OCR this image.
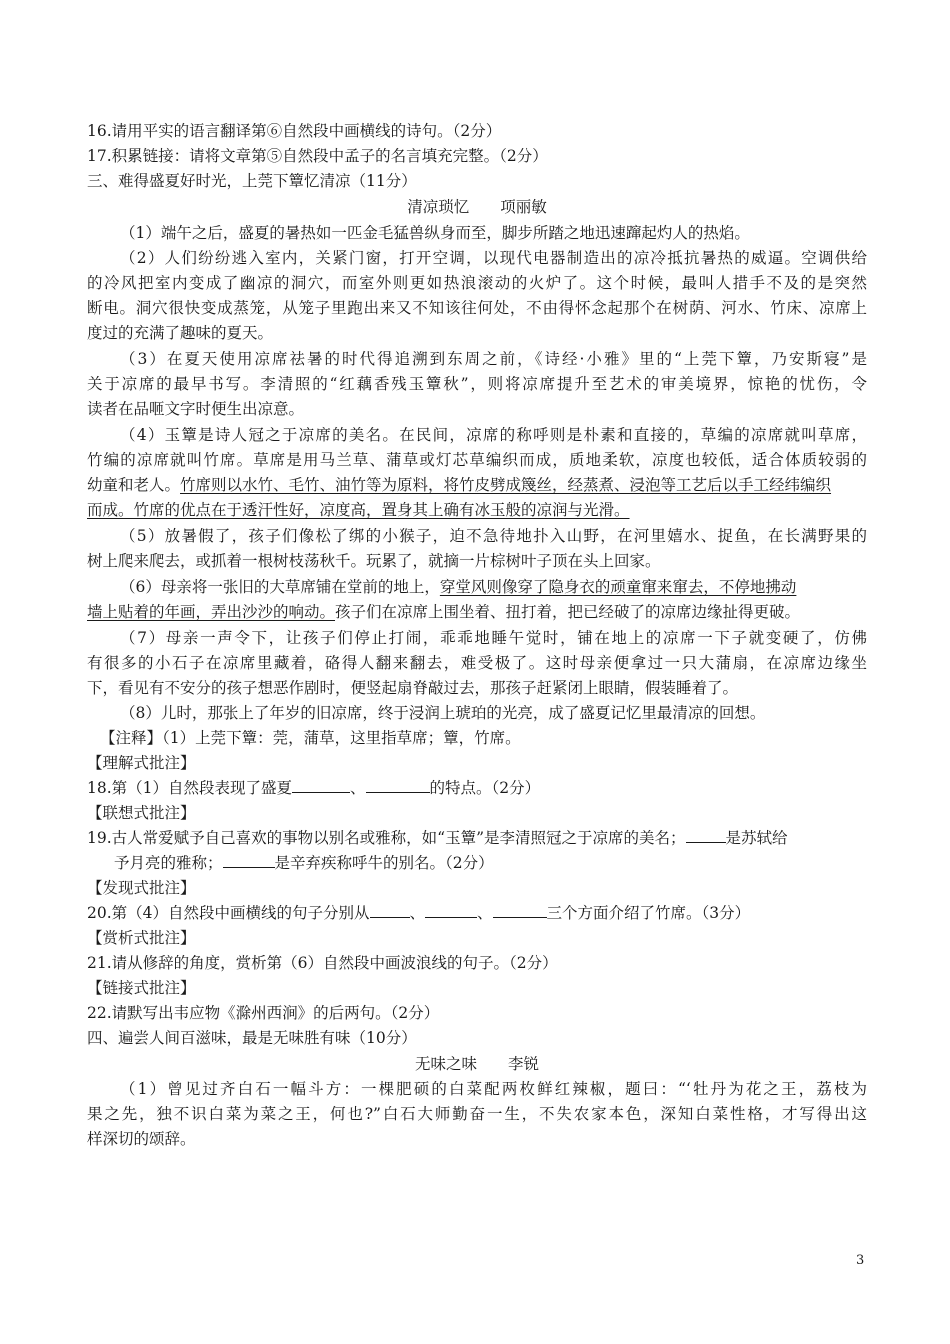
16.请用平实的语言翻译第⑥自然段中画横线的诗句。（2分）
17.积累链接：请将文章第⑤自然段中孟子的名言填充完整。（2分）
三、难得盛夏好时光，上莞下簟忆清凉（11分）
清凉琐忆　　项丽敏
（1）端午之后，盛夏的暑热如一匹金毛猛兽纵身而至，脚步所踏之地迅速蹿起灼人的热焰。
（2）人们纷纷逃入室内，关紧门窗，打开空调，以现代电器制造出的凉冷抵抗暑热的威逼。空调供给
的冷风把室内变成了幽凉的洞穴，而室外则更如热浪滚动的火炉了。这个时候，最叫人措手不及的是突然
断电。洞穴很快变成蒸笼，从笼子里跑出来又不知该往何处，不由得怀念起那个在树荫、河水、竹床、凉席上
度过的充满了趣味的夏天。
（3）在夏天使用凉席祛暑的时代得追溯到东周之前，《诗经·小雅》里的“上莞下簟，乃安斯寝”是
关于凉席的最早书写。李清照的“红藕香残玉簟秋”，则将凉席提升至艺术的审美境界，惊艳的忧伤，令
读者在品咂文字时便生出凉意。
（4）玉簟是诗人冠之于凉席的美名。在民间，凉席的称呼则是朴素和直接的，草编的凉席就叫草席，
竹编的凉席就叫竹席。草席是用马兰草、蒲草或灯芯草编织而成，质地柔软，凉度也较低，适合体质较弱的
幼童和老人。竹席则以水竹、毛竹、油竹等为原料，将竹皮劈成篾丝，经蒸煮、浸泡等工艺后以手工经纬编织
而成。竹席的优点在于透汗性好，凉度高，置身其上确有冰玉般的凉润与光滑。
（5）放暑假了，孩子们像松了绑的小猴子，迫不急待地扑入山野，在河里嬉水、捉鱼，在长满野果的
树上爬来爬去，或抓着一根树枝荡秋千。玩累了，就摘一片棕树叶子顶在头上回家。
（6）母亲将一张旧的大草席铺在堂前的地上，穿堂风则像穿了隐身衣的顽童窜来窜去，不停地拂动
墙上贴着的年画，弄出沙沙的响动。孩子们在凉席上围坐着、扭打着，把已经破了的凉席边缘扯得更破。
（7）母亲一声令下，让孩子们停止打闹，乖乖地睡午觉时，铺在地上的凉席一下子就变硬了，仿佛
有很多的小石子在凉席里藏着，硌得人翻来翻去，难受极了。这时母亲便拿过一只大蒲扇，在凉席边缘坐
下，看见有不安分的孩子想恶作剧时，便竖起扇脊敲过去，那孩子赶紧闭上眼睛，假装睡着了。
（8）儿时，那张上了年岁的旧凉席，终于浸润上琥珀的光亮，成了盛夏记忆里最清凉的回想。
【注释】（1）上莞下簟：莞，蒲草，这里指草席；簟，竹席。
【理解式批注】
18.第（1）自然段表现了盛夏	、	的特点。（2分）
【联想式批注】
19.古人常爱赋予自己喜欢的事物以别名或雅称，如“玉簟”是李清照冠之于凉席的美名；	是苏轼给
予月亮的雅称；	是辛弃疾称呼牛的别名。（2分）
【发现式批注】
20.第（4）自然段中画横线的句子分别从	、	、	三个方面介绍了竹席。（3分）
【赏析式批注】
21.请从修辞的角度，赏析第（6）自然段中画波浪线的句子。（2分）
【链接式批注】
22.请默写出韦应物《滁州西涧》的后两句。（2分）
四、遍尝人间百滋味，最是无味胜有味（10分）
无味之味　　李锐
（1）曾见过齐白石一幅斗方：一棵肥硕的白菜配两枚鲜红辣椒，题曰：“‘牡丹为花之王，荔枝为
果之先，独不识白菜为菜之王，何也?”白石大师勤奋一生，不失农家本色，深知白菜性格，才写得出这
样深切的颂辞。
3
